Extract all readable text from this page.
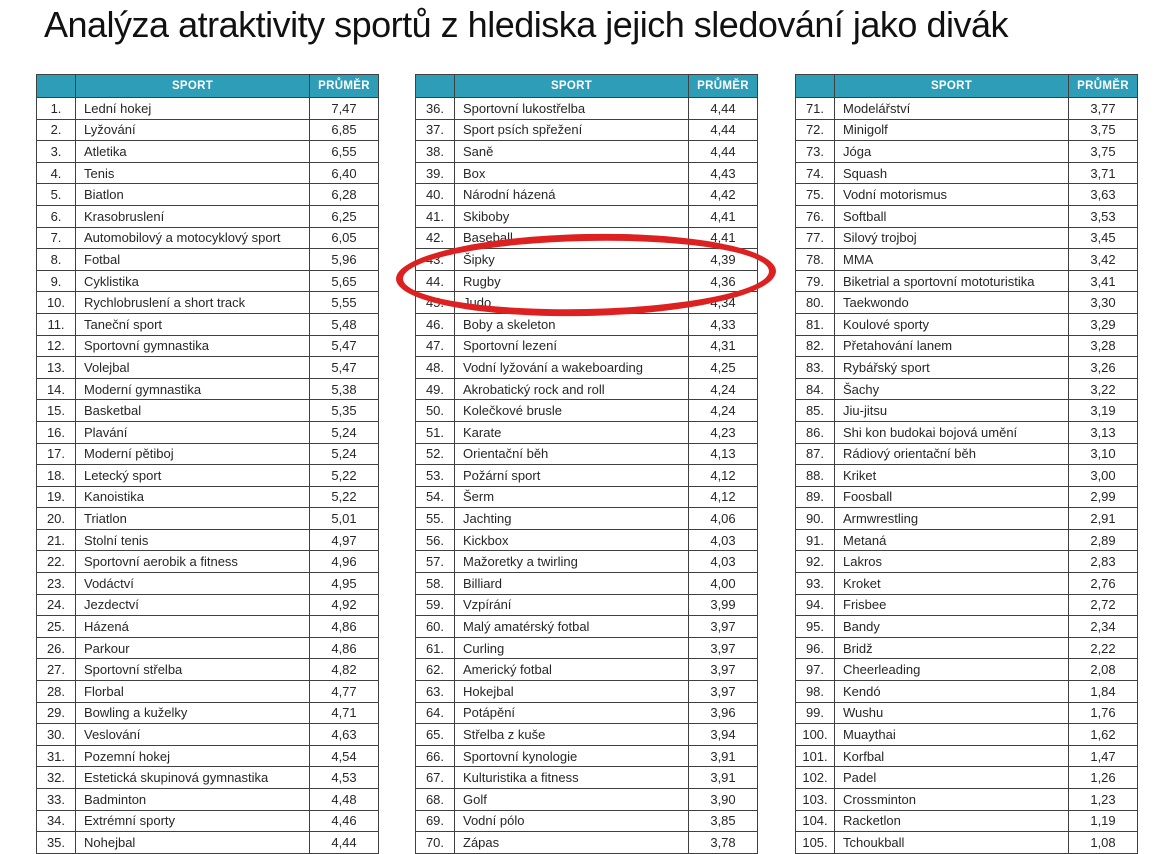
Analýza atraktivity sportů z hlediska jejich sledování jako divák
	SPORT	PRŮMĚR
1.	Lední hokej	7,47
2.	Lyžování	6,85
3.	Atletika	6,55
4.	Tenis	6,40
5.	Biatlon	6,28
6.	Krasobruslení	6,25
7.	Automobilový a motocyklový sport	6,05
8.	Fotbal	5,96
9.	Cyklistika	5,65
10.	Rychlobruslení a short track	5,55
11.	Taneční sport	5,48
12.	Sportovní gymnastika	5,47
13.	Volejbal	5,47
14.	Moderní gymnastika	5,38
15.	Basketbal	5,35
16.	Plavání	5,24
17.	Moderní pětiboj	5,24
18.	Letecký sport	5,22
19.	Kanoistika	5,22
20.	Triatlon	5,01
21.	Stolní tenis	4,97
22.	Sportovní aerobik a fitness	4,96
23.	Vodáctví	4,95
24.	Jezdectví	4,92
25.	Házená	4,86
26.	Parkour	4,86
27.	Sportovní střelba	4,82
28.	Florbal	4,77
29.	Bowling a kuželky	4,71
30.	Veslování	4,63
31.	Pozemní hokej	4,54
32.	Estetická skupinová gymnastika	4,53
33.	Badminton	4,48
34.	Extrémní sporty	4,46
35.	Nohejbal	4,44
	SPORT	PRŮMĚR
36.	Sportovní lukostřelba	4,44
37.	Sport psích spřežení	4,44
38.	Saně	4,44
39.	Box	4,43
40.	Národní házená	4,42
41.	Skiboby	4,41
42.	Baseball	4,41
43.	Šipky	4,39
44.	Rugby	4,36
45.	Judo	4,34
46.	Boby a skeleton	4,33
47.	Sportovní lezení	4,31
48.	Vodní lyžování a wakeboarding	4,25
49.	Akrobatický rock and roll	4,24
50.	Kolečkové brusle	4,24
51.	Karate	4,23
52.	Orientační běh	4,13
53.	Požární sport	4,12
54.	Šerm	4,12
55.	Jachting	4,06
56.	Kickbox	4,03
57.	Mažoretky a twirling	4,03
58.	Billiard	4,00
59.	Vzpírání	3,99
60.	Malý amatérský fotbal	3,97
61.	Curling	3,97
62.	Americký fotbal	3,97
63.	Hokejbal	3,97
64.	Potápění	3,96
65.	Střelba z kuše	3,94
66.	Sportovní kynologie	3,91
67.	Kulturistika a fitness	3,91
68.	Golf	3,90
69.	Vodní pólo	3,85
70.	Zápas	3,78
	SPORT	PRŮMĚR
71.	Modelářství	3,77
72.	Minigolf	3,75
73.	Jóga	3,75
74.	Squash	3,71
75.	Vodní motorismus	3,63
76.	Softball	3,53
77.	Silový trojboj	3,45
78.	MMA	3,42
79.	Biketrial a sportovní mototuristika	3,41
80.	Taekwondo	3,30
81.	Koulové sporty	3,29
82.	Přetahování lanem	3,28
83.	Rybářský sport	3,26
84.	Šachy	3,22
85.	Jiu-jitsu	3,19
86.	Shi kon budokai bojová umění	3,13
87.	Rádiový orientační běh	3,10
88.	Kriket	3,00
89.	Foosball	2,99
90.	Armwrestling	2,91
91.	Metaná	2,89
92.	Lakros	2,83
93.	Kroket	2,76
94.	Frisbee	2,72
95.	Bandy	2,34
96.	Bridž	2,22
97.	Cheerleading	2,08
98.	Kendó	1,84
99.	Wushu	1,76
100.	Muaythai	1,62
101.	Korfbal	1,47
102.	Padel	1,26
103.	Crossminton	1,23
104.	Racketlon	1,19
105.	Tchoukball	1,08
